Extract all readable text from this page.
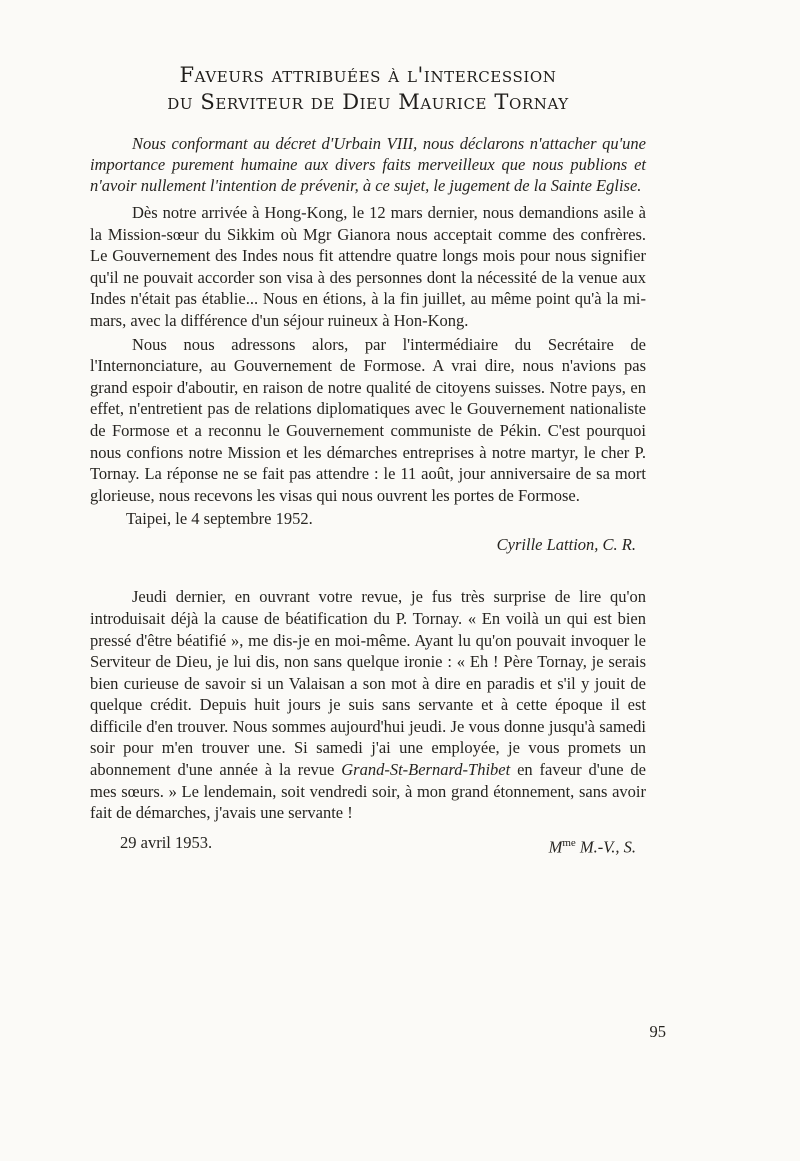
Faveurs attribuées à l'intercession
du Serviteur de Dieu Maurice Tornay

Nous conformant au décret d'Urbain VIII, nous déclarons n'attacher qu'une importance purement humaine aux divers faits merveilleux que nous publions et n'avoir nullement l'intention de prévenir, à ce sujet, le jugement de la Sainte Eglise.

Dès notre arrivée à Hong-Kong, le 12 mars dernier, nous demandions asile à la Mission-sœur du Sikkim où Mgr Gianora nous acceptait comme des confrères. Le Gouvernement des Indes nous fit attendre quatre longs mois pour nous signifier qu'il ne pouvait accorder son visa à des personnes dont la nécessité de la venue aux Indes n'était pas établie... Nous en étions, à la fin juillet, au même point qu'à la mi-mars, avec la différence d'un séjour ruineux à Hon-Kong.

Nous nous adressons alors, par l'intermédiaire du Secrétaire de l'Internonciature, au Gouvernement de Formose. A vrai dire, nous n'avions pas grand espoir d'aboutir, en raison de notre qualité de citoyens suisses. Notre pays, en effet, n'entretient pas de relations diplomatiques avec le Gouvernement nationaliste de Formose et a reconnu le Gouvernement communiste de Pékin. C'est pourquoi nous confions notre Mission et les démarches entreprises à notre martyr, le cher P. Tornay. La réponse ne se fait pas attendre : le 11 août, jour anniversaire de sa mort glorieuse, nous recevons les visas qui nous ouvrent les portes de Formose.

Taipei, le 4 septembre 1952.
Cyrille Lattion, C. R.

Jeudi dernier, en ouvrant votre revue, je fus très surprise de lire qu'on introduisait déjà la cause de béatification du P. Tornay. « En voilà un qui est bien pressé d'être béatifié », me dis-je en moi-même. Ayant lu qu'on pouvait invoquer le Serviteur de Dieu, je lui dis, non sans quelque ironie : « Eh ! Père Tornay, je serais bien curieuse de savoir si un Valaisan a son mot à dire en paradis et s'il y jouit de quelque crédit. Depuis huit jours je suis sans servante et à cette époque il est difficile d'en trouver. Nous sommes aujourd'hui jeudi. Je vous donne jusqu'à samedi soir pour m'en trouver une. Si samedi j'ai une employée, je vous promets un abonnement d'une année à la revue Grand-St-Bernard-Thibet en faveur d'une de mes sœurs. » Le lendemain, soit vendredi soir, à mon grand étonnement, sans avoir fait de démarches, j'avais une servante !

29 avril 1953.	$M^{me}$ M.-V., S.
95
